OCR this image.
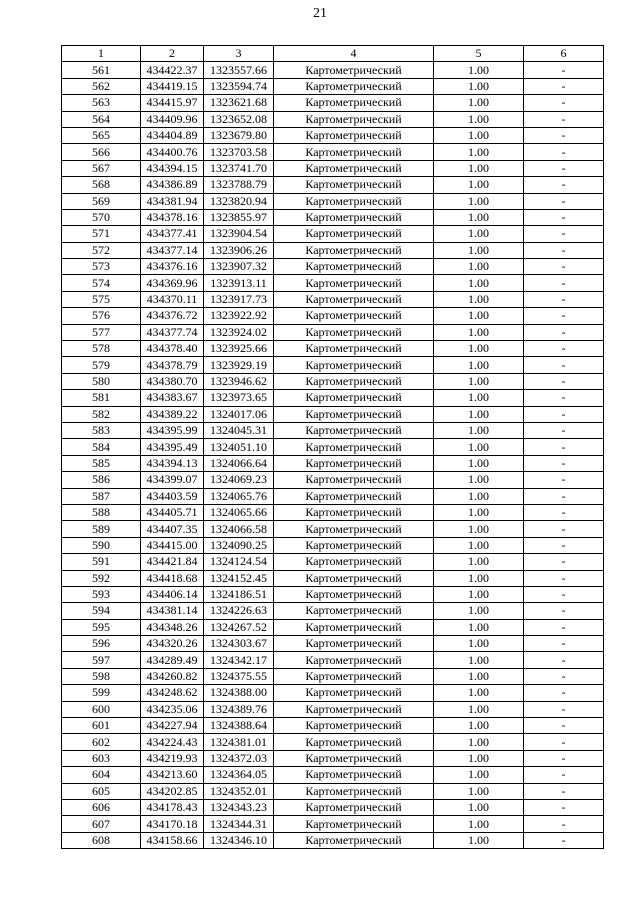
21
1	2	3	4	5	6
561	434422.37	1323557.66	Картометрический	1.00	-
562	434419.15	1323594.74	Картометрический	1.00	-
563	434415.97	1323621.68	Картометрический	1.00	-
564	434409.96	1323652.08	Картометрический	1.00	-
565	434404.89	1323679.80	Картометрический	1.00	-
566	434400.76	1323703.58	Картометрический	1.00	-
567	434394.15	1323741.70	Картометрический	1.00	-
568	434386.89	1323788.79	Картометрический	1.00	-
569	434381.94	1323820.94	Картометрический	1.00	-
570	434378.16	1323855.97	Картометрический	1.00	-
571	434377.41	1323904.54	Картометрический	1.00	-
572	434377.14	1323906.26	Картометрический	1.00	-
573	434376.16	1323907.32	Картометрический	1.00	-
574	434369.96	1323913.11	Картометрический	1.00	-
575	434370.11	1323917.73	Картометрический	1.00	-
576	434376.72	1323922.92	Картометрический	1.00	-
577	434377.74	1323924.02	Картометрический	1.00	-
578	434378.40	1323925.66	Картометрический	1.00	-
579	434378.79	1323929.19	Картометрический	1.00	-
580	434380.70	1323946.62	Картометрический	1.00	-
581	434383.67	1323973.65	Картометрический	1.00	-
582	434389.22	1324017.06	Картометрический	1.00	-
583	434395.99	1324045.31	Картометрический	1.00	-
584	434395.49	1324051.10	Картометрический	1.00	-
585	434394.13	1324066.64	Картометрический	1.00	-
586	434399.07	1324069.23	Картометрический	1.00	-
587	434403.59	1324065.76	Картометрический	1.00	-
588	434405.71	1324065.66	Картометрический	1.00	-
589	434407.35	1324066.58	Картометрический	1.00	-
590	434415.00	1324090.25	Картометрический	1.00	-
591	434421.84	1324124.54	Картометрический	1.00	-
592	434418.68	1324152.45	Картометрический	1.00	-
593	434406.14	1324186.51	Картометрический	1.00	-
594	434381.14	1324226.63	Картометрический	1.00	-
595	434348.26	1324267.52	Картометрический	1.00	-
596	434320.26	1324303.67	Картометрический	1.00	-
597	434289.49	1324342.17	Картометрический	1.00	-
598	434260.82	1324375.55	Картометрический	1.00	-
599	434248.62	1324388.00	Картометрический	1.00	-
600	434235.06	1324389.76	Картометрический	1.00	-
601	434227.94	1324388.64	Картометрический	1.00	-
602	434224.43	1324381.01	Картометрический	1.00	-
603	434219.93	1324372.03	Картометрический	1.00	-
604	434213.60	1324364.05	Картометрический	1.00	-
605	434202.85	1324352.01	Картометрический	1.00	-
606	434178.43	1324343.23	Картометрический	1.00	-
607	434170.18	1324344.31	Картометрический	1.00	-
608	434158.66	1324346.10	Картометрический	1.00	-
